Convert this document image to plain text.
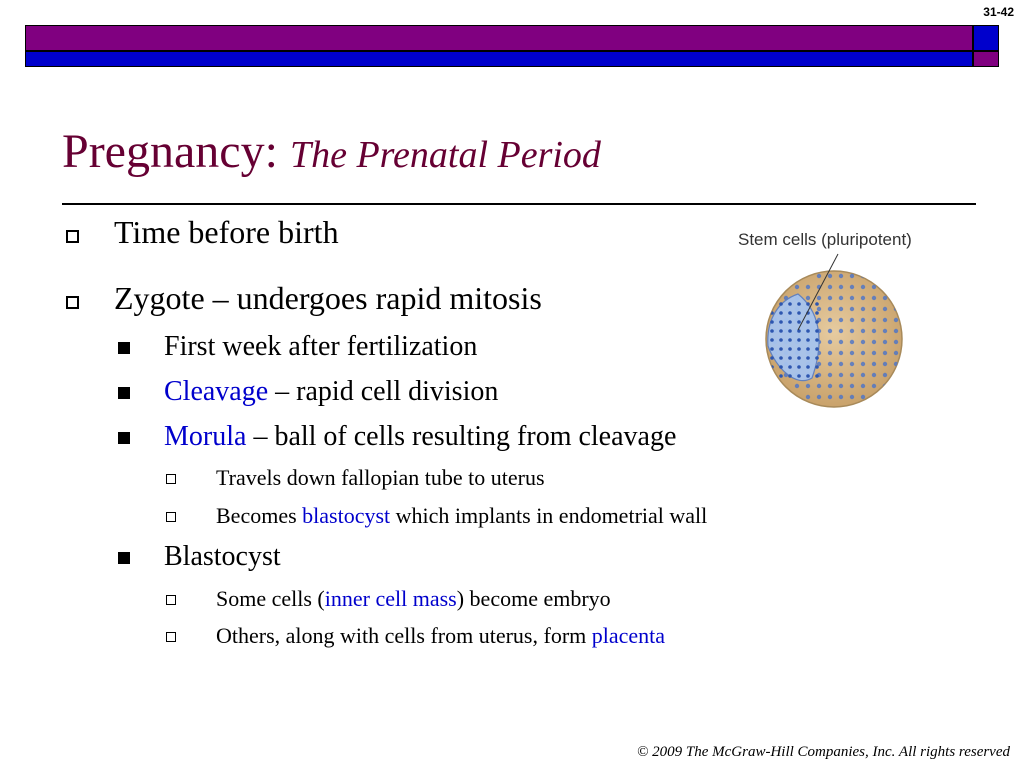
31-42
Pregnancy: The Prenatal Period
Time before birth
Zygote – undergoes rapid mitosis
First week after fertilization
Cleavage – rapid cell division
Morula – ball of cells resulting from cleavage
Travels down fallopian tube to uterus
Becomes blastocyst which implants in endometrial wall
Blastocyst
Some cells (inner cell mass) become embryo
Others, along with cells from uterus, form placenta
Stem cells (pluripotent)
© 2009 The McGraw-Hill Companies, Inc. All rights reserved
